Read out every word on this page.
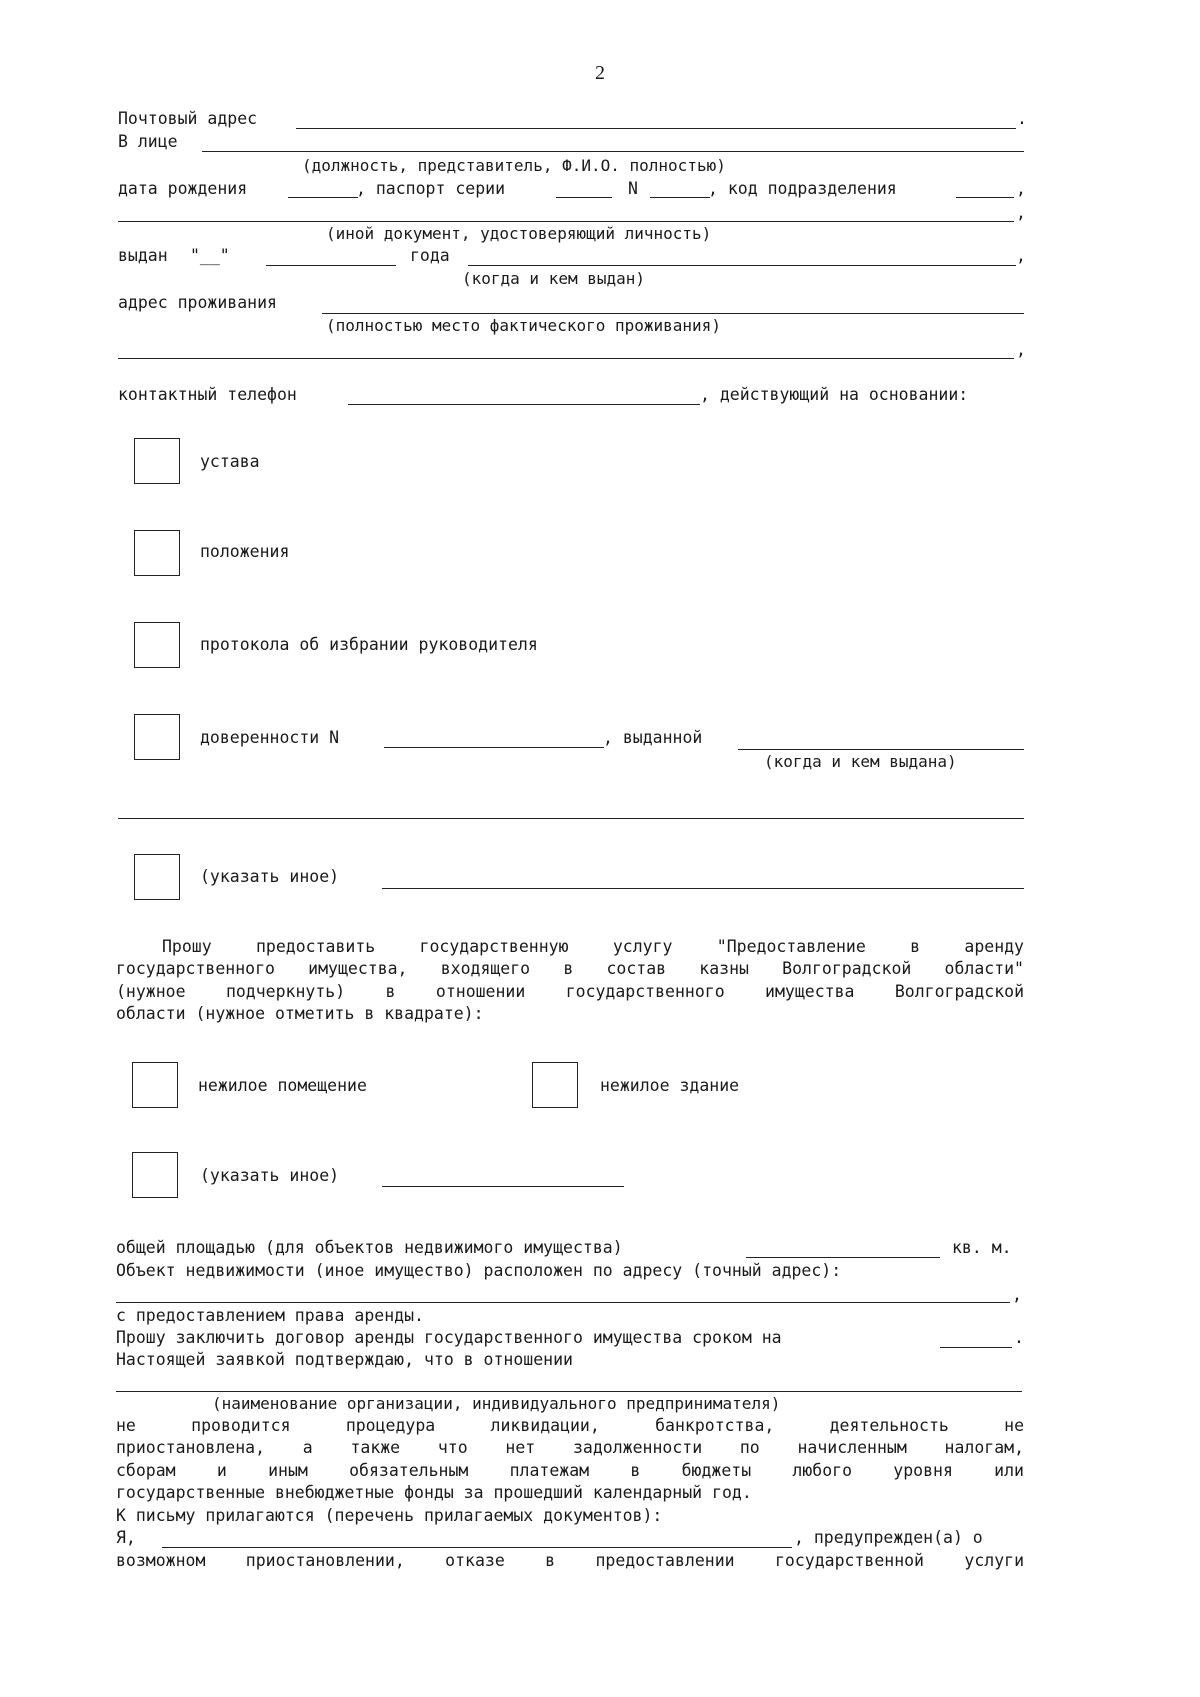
2
Почтовый адрес	.
В лице
(должность, представитель, Ф.И.О. полностью)
дата рождения	, паспорт серии	N	, код подразделения	,
,
(иной документ, удостоверяющий личность)
выдан "__"	года	,
(когда и кем выдан)
адрес проживания
(полностью место фактического проживания)
,
контактный телефон	, действующий на основании:
устава
положения
протокола об избрании руководителя
доверенности N	, выданной
(когда и кем выдана)
(указать иное)
Прошу предоставить государственную услугу "Предоставление в аренду
государственного имущества, входящего в состав казны Волгоградской области"
(нужное подчеркнуть) в отношении государственного имущества Волгоградской
области (нужное отметить в квадрате):
нежилое помещение	нежилое здание
(указать иное)
общей площадью (для объектов недвижимого имущества)	кв. м.
Объект недвижимости (иное имущество) расположен по адресу (точный адрес):
,
с предоставлением права аренды.
Прошу заключить договор аренды государственного имущества сроком на	.
Настоящей заявкой подтверждаю, что в отношении
(наименование организации, индивидуального предпринимателя)
не проводится процедура ликвидации, банкротства, деятельность не
приостановлена, а также что нет задолженности по начисленным налогам,
сборам и иным обязательным платежам в бюджеты любого уровня или
государственные внебюджетные фонды за прошедший календарный год.
К письму прилагаются (перечень прилагаемых документов):
Я,	, предупрежден(а) о
возможном приостановлении, отказе в предоставлении государственной услуги
